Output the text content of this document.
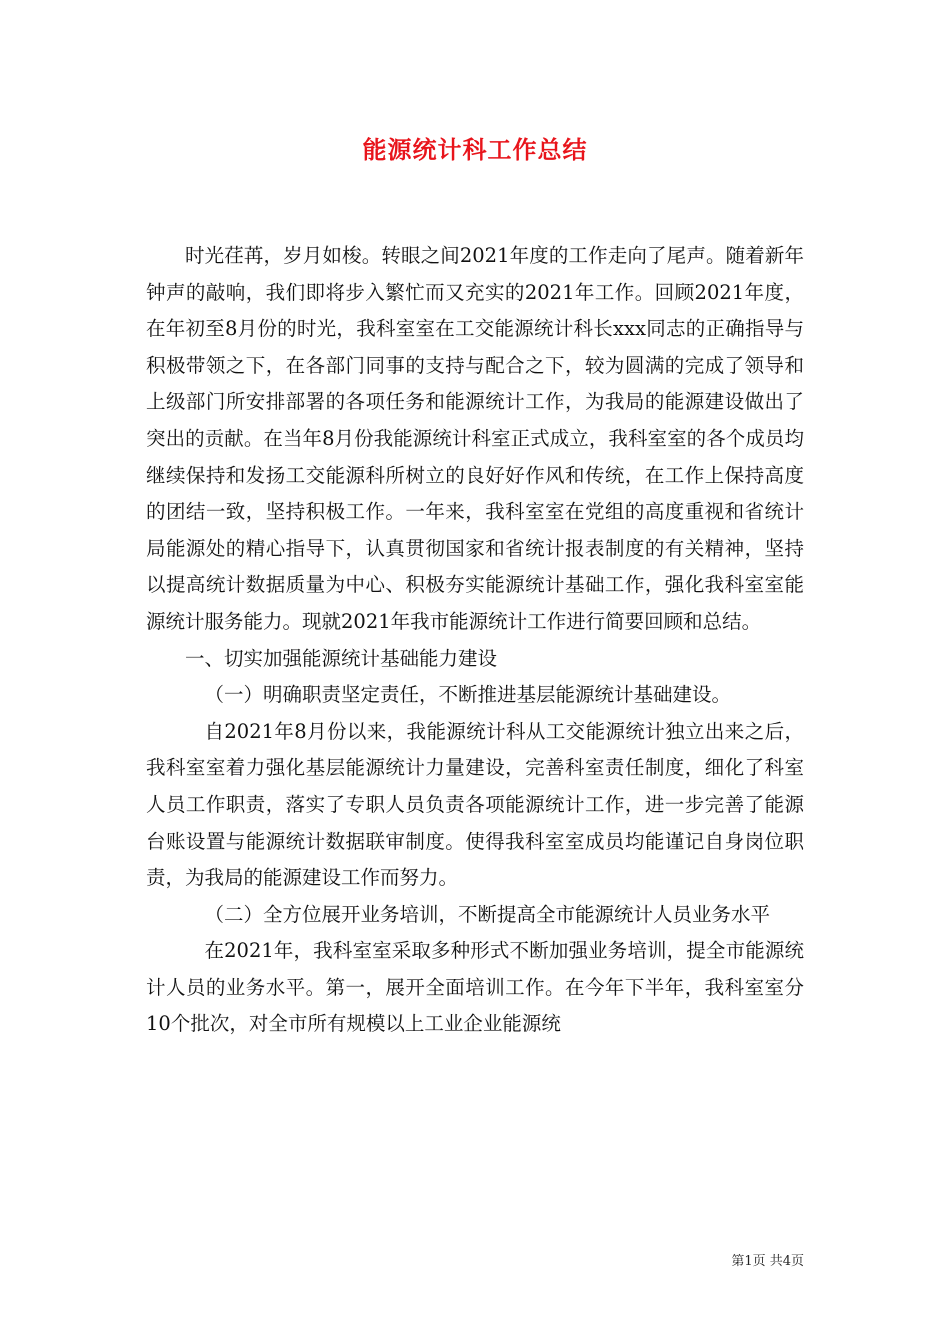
能源统计科工作总结

时光荏苒，岁月如梭。转眼之间2021年度的工作走向了尾声。随着新年钟声的敲响，我们即将步入繁忙而又充实的2021年工作。回顾2021年度，在年初至8月份的时光，我科室室在工交能源统计科长xxx同志的正确指导与积极带领之下，在各部门同事的支持与配合之下，较为圆满的完成了领导和上级部门所安排部署的各项任务和能源统计工作，为我局的能源建设做出了突出的贡献。在当年8月份我能源统计科室正式成立，我科室室的各个成员均继续保持和发扬工交能源科所树立的良好好作风和传统，在工作上保持高度的团结一致，坚持积极工作。一年来，我科室室在党组的高度重视和省统计局能源处的精心指导下，认真贯彻国家和省统计报表制度的有关精神，坚持以提高统计数据质量为中心、积极夯实能源统计基础工作，强化我科室室能源统计服务能力。现就2021年我市能源统计工作进行简要回顾和总结。

一、切实加强能源统计基础能力建设

（一）明确职责坚定责任，不断推进基层能源统计基础建设。

自2021年8月份以来，我能源统计科从工交能源统计独立出来之后，我科室室着力强化基层能源统计力量建设，完善科室责任制度，细化了科室人员工作职责，落实了专职人员负责各项能源统计工作，进一步完善了能源台账设置与能源统计数据联审制度。使得我科室室成员均能谨记自身岗位职责，为我局的能源建设工作而努力。

（二）全方位展开业务培训，不断提高全市能源统计人员业务水平

在2021年，我科室室采取多种形式不断加强业务培训，提全市能源统计人员的业务水平。第一，展开全面培训工作。在今年下半年，我科室室分10个批次，对全市所有规模以上工业企业能源统

第1页 共4页
